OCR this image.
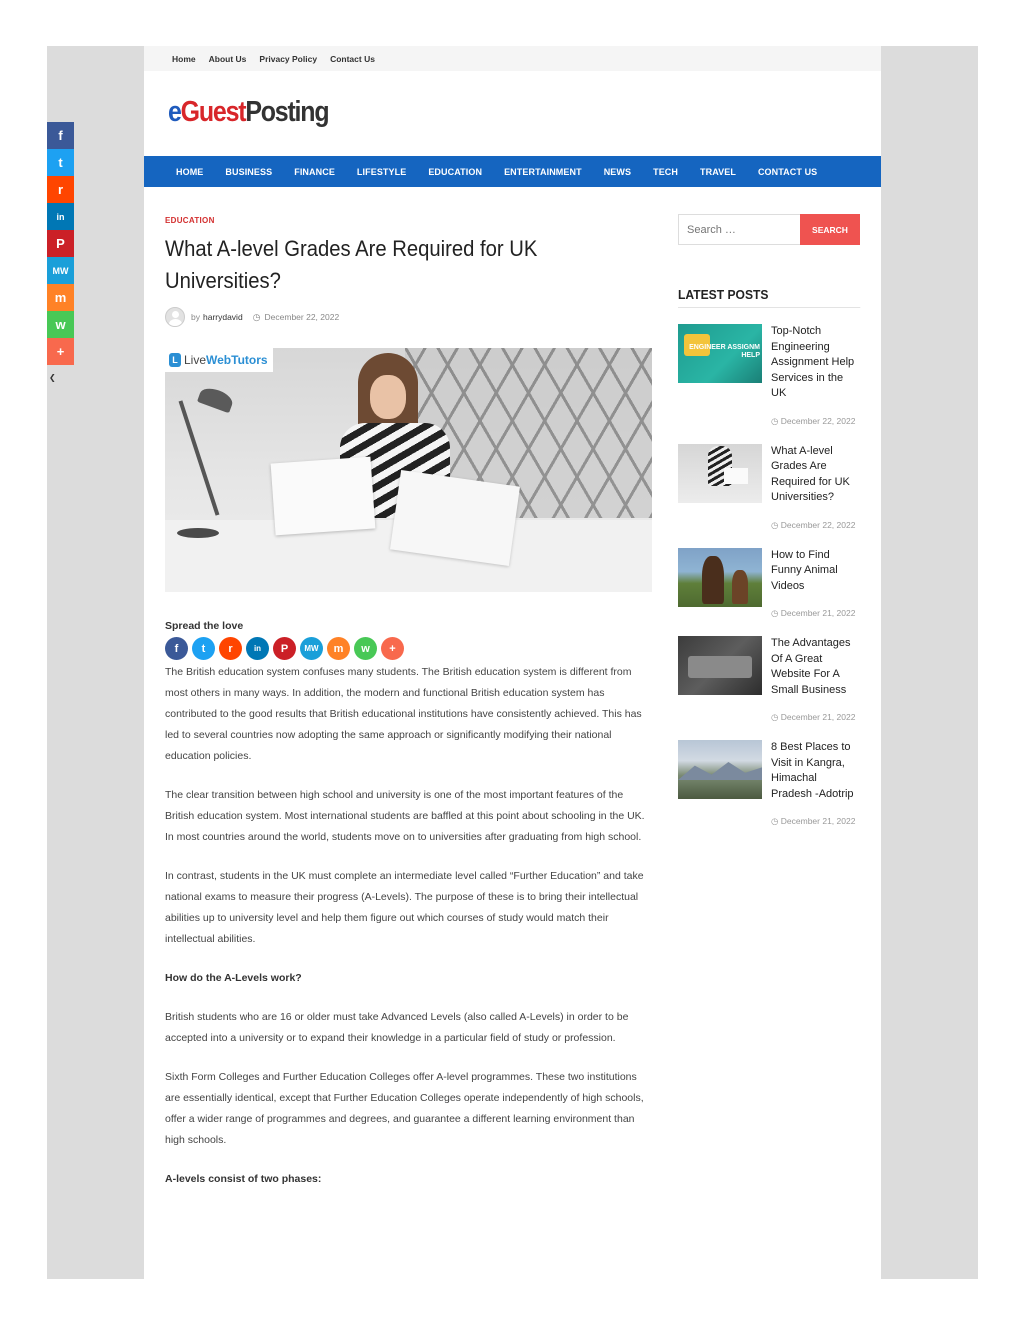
Home About Us Privacy Policy Contact Us
eGuestPosting
HOME BUSINESS FINANCE LIFESTYLE EDUCATION ENTERTAINMENT NEWS TECH TRAVEL CONTACT US
EDUCATION
What A-level Grades Are Required for UK Universities?
by harrydavid ◷ December 22, 2022
L Live WebTutors
Spread the love
f	t	r	in	P	MW	m	w	+

The British education system confuses many students. The British education system is different from most others in many ways. In addition, the modern and functional British education system has contributed to the good results that British educational institutions have consistently achieved. This has led to several countries now adopting the same approach or significantly modifying their national education policies.

The clear transition between high school and university is one of the most important features of the British education system. Most international students are baffled at this point about schooling in the UK. In most countries around the world, students move on to universities after graduating from high school.

In contrast, students in the UK must complete an intermediate level called “Further Education” and take national exams to measure their progress (A-Levels). The purpose of these is to bring their intellectual abilities up to university level and help them figure out which courses of study would match their intellectual abilities.

How do the A-Levels work?

British students who are 16 or older must take Advanced Levels (also called A-Levels) in order to be accepted into a university or to expand their knowledge in a particular field of study or profession.

Sixth Form Colleges and Further Education Colleges offer A-level programmes. These two institutions are essentially identical, except that Further Education Colleges operate independently of high schools, offer a wider range of programmes and degrees, and guarantee a different learning environment than high schools.

A-levels consist of two phases:

Search …
SEARCH
LATEST POSTS
ENGINEER ASSIGNM HELP
Top-Notch Engineering Assignment Help Services in the UK
◷ December 22, 2022
What A-level Grades Are Required for UK Universities?
◷ December 22, 2022
How to Find Funny Animal Videos
◷ December 21, 2022
The Advantages Of A Great Website For A Small Business
◷ December 21, 2022
8 Best Places to Visit in Kangra, Himachal Pradesh -Adotrip
◷ December 21, 2022
f
t
r
in
P
MW
m
w
+
❮
